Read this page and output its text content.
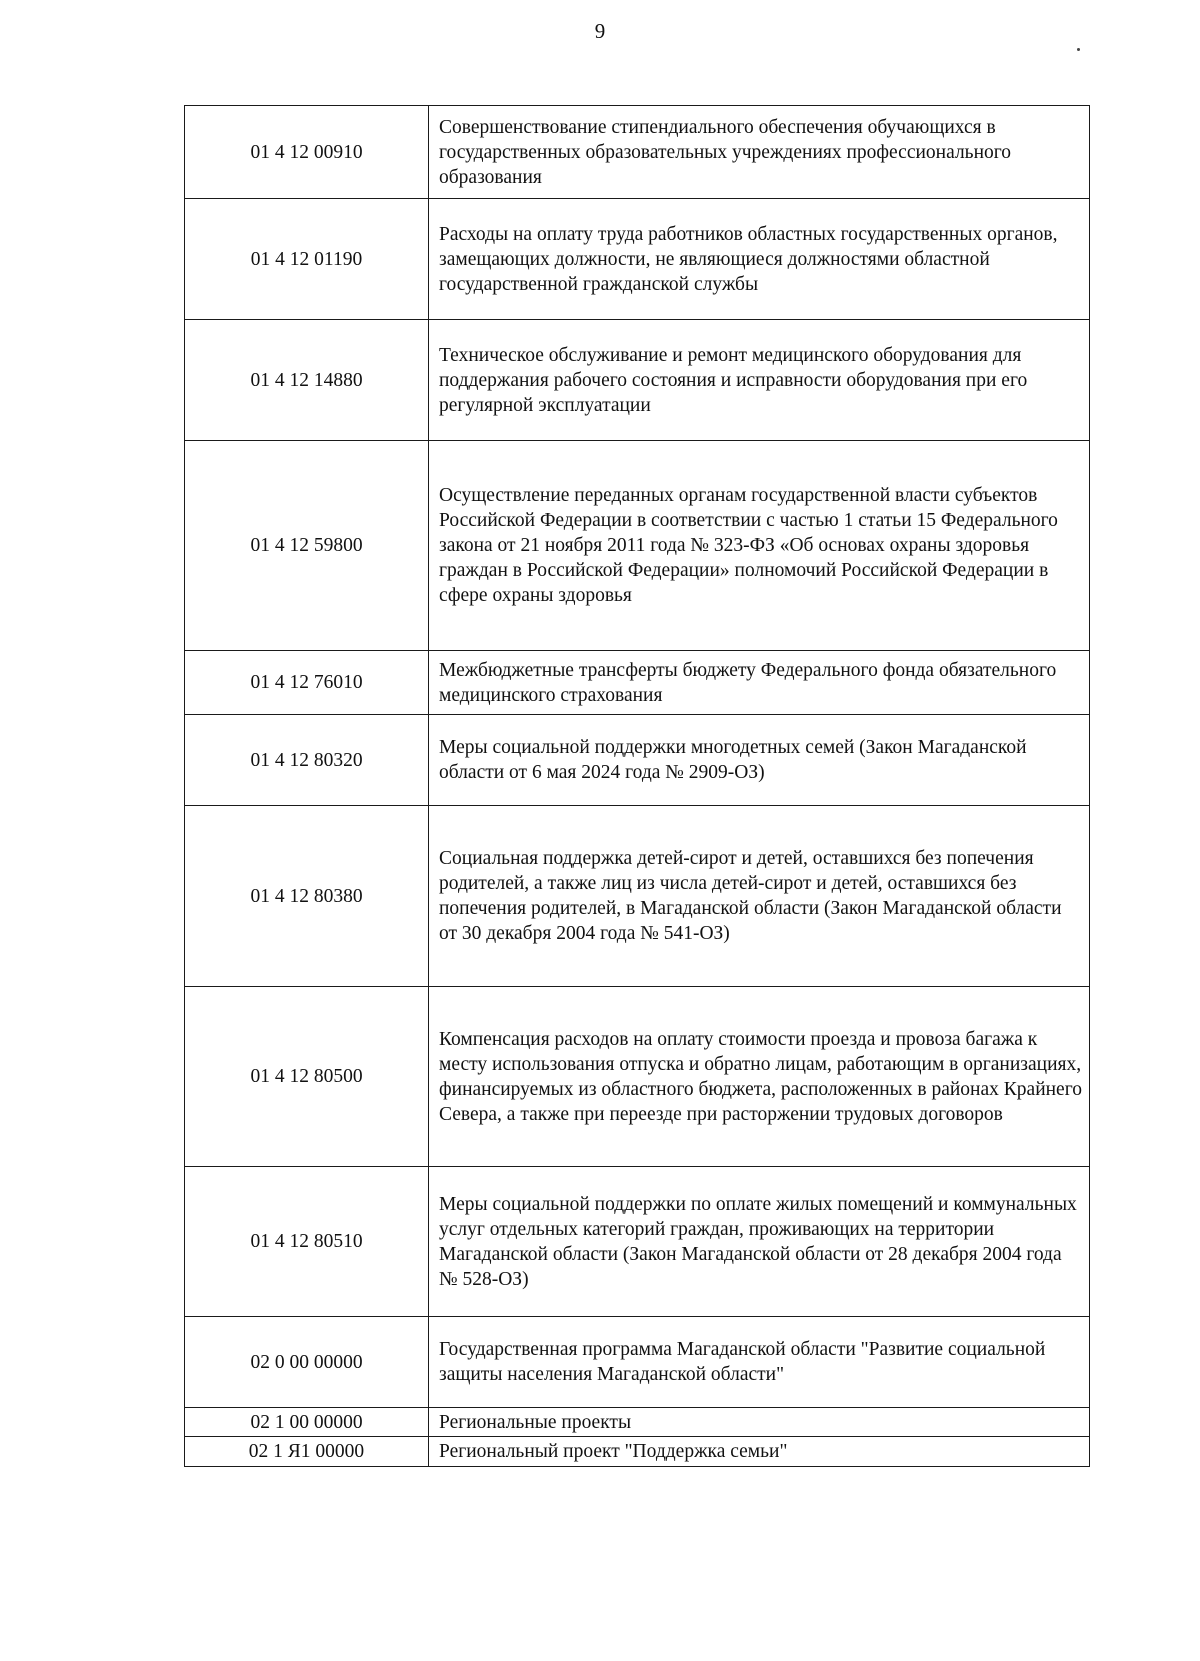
9
01 4 12 00910	Совершенствование стипендиального обеспечения обучающихся в государственных образовательных учреждениях профессионального образования
01 4 12 01190	Расходы на оплату труда работников областных государственных органов, замещающих должности, не являющиеся должностями областной государственной гражданской службы
01 4 12 14880	Техническое обслуживание и ремонт медицинского оборудования для поддержания рабочего состояния и исправности оборудования при его регулярной эксплуатации
01 4 12 59800	Осуществление переданных органам государственной власти субъектов Российской Федерации в соответствии с частью 1 статьи 15 Федерального закона от 21 ноября 2011 года № 323-ФЗ «Об основах охраны здоровья граждан в Российской Федерации» полномочий Российской Федерации в сфере охраны здоровья
01 4 12 76010	Межбюджетные трансферты бюджету Федерального фонда обязательного медицинского страхования
01 4 12 80320	Меры социальной поддержки многодетных семей (Закон Магаданской области от 6 мая 2024 года № 2909-ОЗ)
01 4 12 80380	Социальная поддержка детей-сирот и детей, оставшихся без попечения родителей, а также лиц из числа детей-сирот и детей, оставшихся без попечения родителей, в Магаданской области (Закон Магаданской области от 30 декабря 2004 года № 541-ОЗ)
01 4 12 80500	Компенсация расходов на оплату стоимости проезда и провоза багажа к месту использования отпуска и обратно лицам, работающим в организациях, финансируемых из областного бюджета, расположенных в районах Крайнего Севера, а также при переезде при расторжении трудовых договоров
01 4 12 80510	Меры социальной поддержки по оплате жилых помещений и коммунальных услуг отдельных категорий граждан, проживающих на территории Магаданской области (Закон Магаданской области от 28 декабря 2004 года № 528-ОЗ)
02 0 00 00000	Государственная программа Магаданской области "Развитие социальной защиты населения Магаданской области"
02 1 00 00000	Региональные проекты
02 1 Я1 00000	Региональный проект "Поддержка семьи"
